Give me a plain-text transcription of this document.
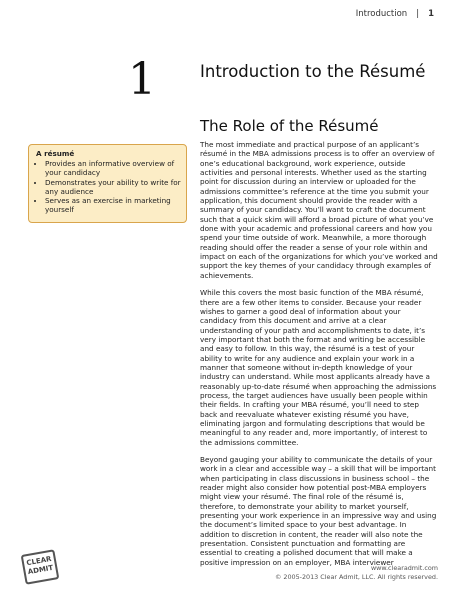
Introduction | 1
1	Introduction to the Résumé
The Role of the Résumé
A résumé
• Provides an informative overview of your candidacy
• Demonstrates your ability to write for any audience
• Serves as an exercise in marketing yourself

The most immediate and practical purpose of an applicant’s résumé in the MBA admissions process is to offer an overview of one’s educational background, work experience, outside activities and personal interests. Whether used as the starting point for discussion during an interview or uploaded for the admissions committee’s reference at the time you submit your application, this document should provide the reader with a summary of your candidacy. You’ll want to craft the document such that a quick skim will afford a broad picture of what you’ve done with your academic and professional careers and how you spend your time outside of work. Meanwhile, a more thorough reading should offer the reader a sense of your role within and impact on each of the organizations for which you’ve worked and support the key themes of your candidacy through examples of achievements.

While this covers the most basic function of the MBA résumé, there are a few other items to consider. Because your reader wishes to garner a good deal of information about your candidacy from this document and arrive at a clear understanding of your path and accomplishments to date, it’s very important that both the format and writing be accessible and easy to follow. In this way, the résumé is a test of your ability to write for any audience and explain your work in a manner that someone without in-depth knowledge of your industry can understand. While most applicants already have a reasonably up-to-date résumé when approaching the admissions process, the target audiences have usually been people within their fields. In crafting your MBA résumé, you’ll need to step back and reevaluate whatever existing résumé you have, eliminating jargon and formulating descriptions that would be meaningful to any reader and, more importantly, of interest to the admissions committee.

Beyond gauging your ability to communicate the details of your work in a clear and accessible way – a skill that will be important when participating in class discussions in business school – the reader might also consider how potential post-MBA employers might view your résumé. The final role of the résumé is, therefore, to demonstrate your ability to market yourself, presenting your work experience in an impressive way and using the document’s limited space to your best advantage. In addition to discretion in content, the reader will also note the presentation. Consistent punctuation and formatting are essential to creating a polished document that will make a positive impression on an employer, MBA interviewer

CLEAR
ADMIT	www.clearadmit.com
© 2005-2013 Clear Admit, LLC. All rights reserved.
